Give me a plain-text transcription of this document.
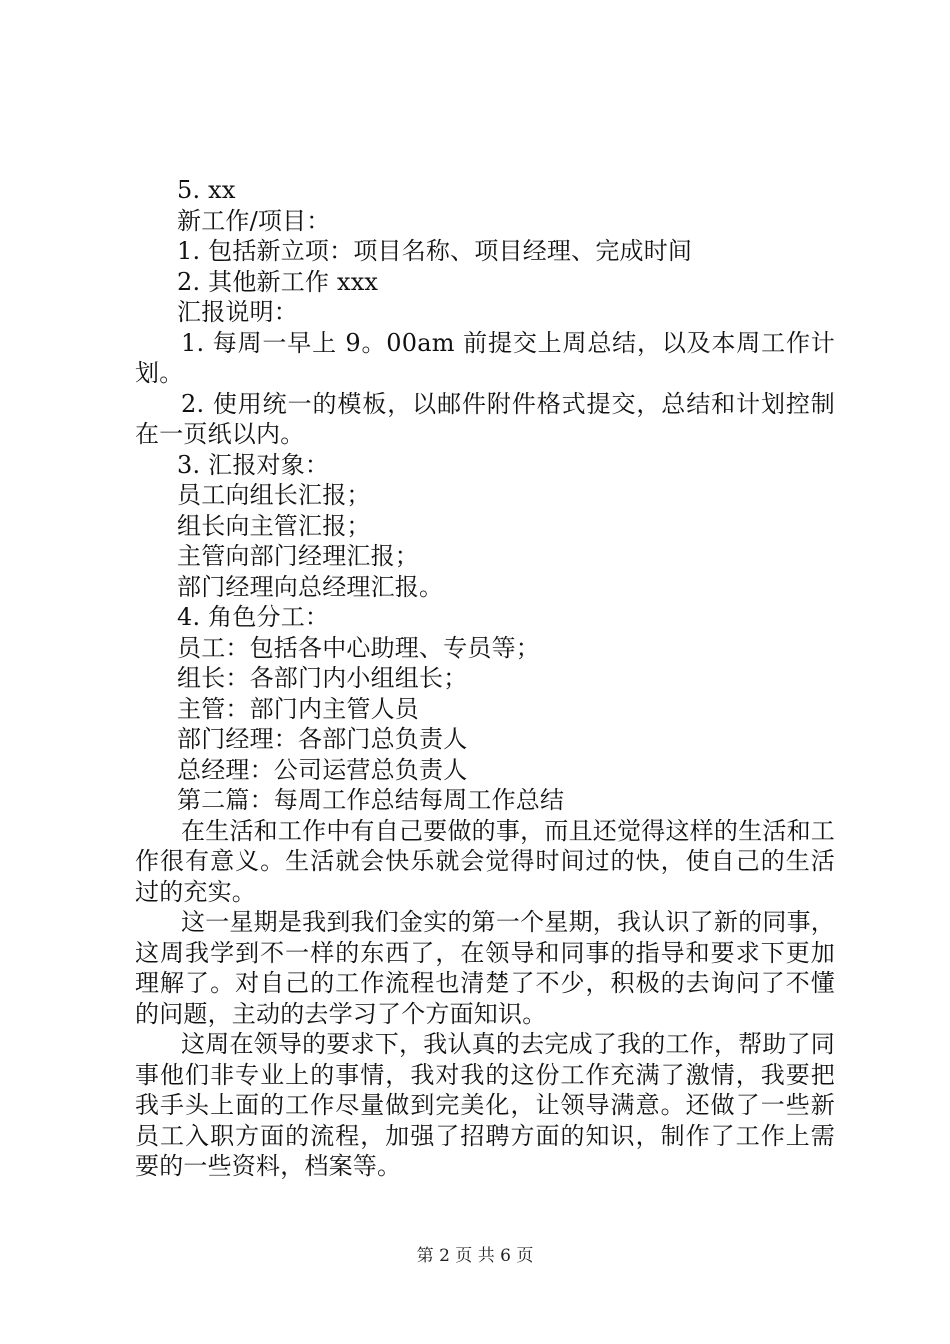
5. xx

新工作/项目：

1. 包括新立项：项目名称、项目经理、完成时间

2. 其他新工作 xxx

汇报说明：

1. 每周一早上 9。00am 前提交上周总结，以及本周工作计划。

2. 使用统一的模板，以邮件附件格式提交，总结和计划控制在一页纸以内。

3. 汇报对象：

员工向组长汇报；

组长向主管汇报；

主管向部门经理汇报；

部门经理向总经理汇报。

4. 角色分工：

员工：包括各中心助理、专员等；

组长：各部门内小组组长；

主管：部门内主管人员

部门经理：各部门总负责人

总经理：公司运营总负责人

第二篇：每周工作总结每周工作总结

在生活和工作中有自己要做的事，而且还觉得这样的生活和工作很有意义。生活就会快乐就会觉得时间过的快，使自己的生活过的充实。

这一星期是我到我们金实的第一个星期，我认识了新的同事，这周我学到不一样的东西了，在领导和同事的指导和要求下更加理解了。对自己的工作流程也清楚了不少，积极的去询问了不懂的问题，主动的去学习了个方面知识。

这周在领导的要求下，我认真的去完成了我的工作，帮助了同事他们非专业上的事情，我对我的这份工作充满了激情，我要把我手头上面的工作尽量做到完美化，让领导满意。还做了一些新员工入职方面的流程，加强了招聘方面的知识，制作了工作上需要的一些资料，档案等。

第 2 页 共 6 页
